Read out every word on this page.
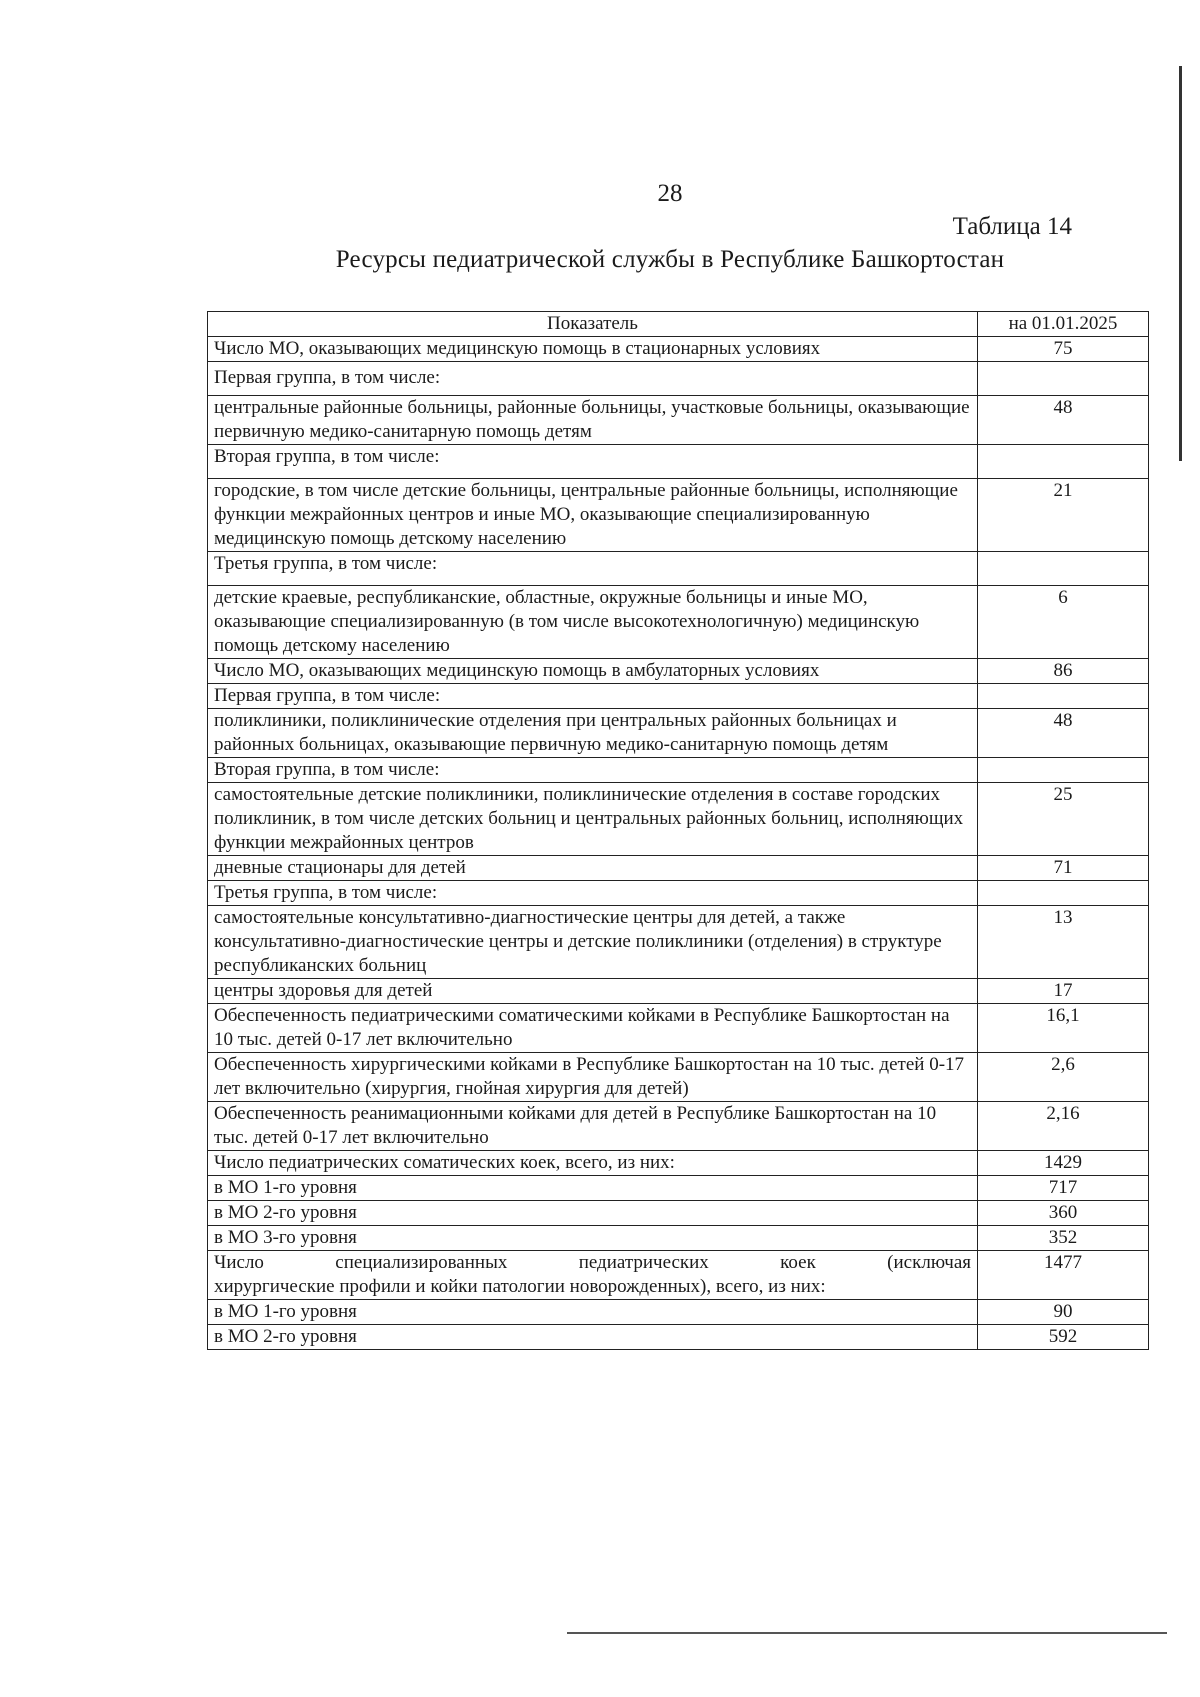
28
Таблица 14
Ресурсы педиатрической службы в Республике Башкортостан
Показатель	на 01.01.2025
Число МО, оказывающих медицинскую помощь в стационарных условиях	75
Первая группа, в том числе:	
центральные районные больницы, районные больницы, участковые больницы, оказывающие первичную медико-санитарную помощь детям	48
Вторая группа, в том числе:	
городские, в том числе детские больницы, центральные районные больницы, исполняющие функции межрайонных центров и иные МО, оказывающие специализированную медицинскую помощь детскому населению	21
Третья группа, в том числе:	
детские краевые, республиканские, областные, окружные больницы и иные МО, оказывающие специализированную (в том числе высокотехнологичную) медицинскую помощь детскому населению	6
Число МО, оказывающих медицинскую помощь в амбулаторных условиях	86
Первая группа, в том числе:	
поликлиники, поликлинические отделения при центральных районных больницах и районных больницах, оказывающие первичную медико-санитарную помощь детям	48
Вторая группа, в том числе:	
самостоятельные детские поликлиники, поликлинические отделения в составе городских поликлиник, в том числе детских больниц и центральных районных больниц, исполняющих функции межрайонных центров	25
дневные стационары для детей	71
Третья группа, в том числе:	
самостоятельные консультативно-диагностические центры для детей, а также консультативно-диагностические центры и детские поликлиники (отделения) в структуре республиканских больниц	13
центры здоровья для детей	17
Обеспеченность педиатрическими соматическими койками в Республике Башкортостан на 10 тыс. детей 0-17 лет включительно	16,1
Обеспеченность хирургическими койками в Республике Башкортостан на 10 тыс. детей 0-17 лет включительно (хирургия, гнойная хирургия для детей)	2,6
Обеспеченность реанимационными койками для детей в Республике Башкортостан на 10 тыс. детей 0-17 лет включительно	2,16
Число педиатрических соматических коек, всего, из них:	1429
в МО 1-го уровня	717
в МО 2-го уровня	360
в МО 3-го уровня	352

Число специализированных педиатрических коек (исключая
хирургические профили и койки патологии новорожденных), всего, из них:	1477
в МО 1-го уровня	90
в МО 2-го уровня	592
